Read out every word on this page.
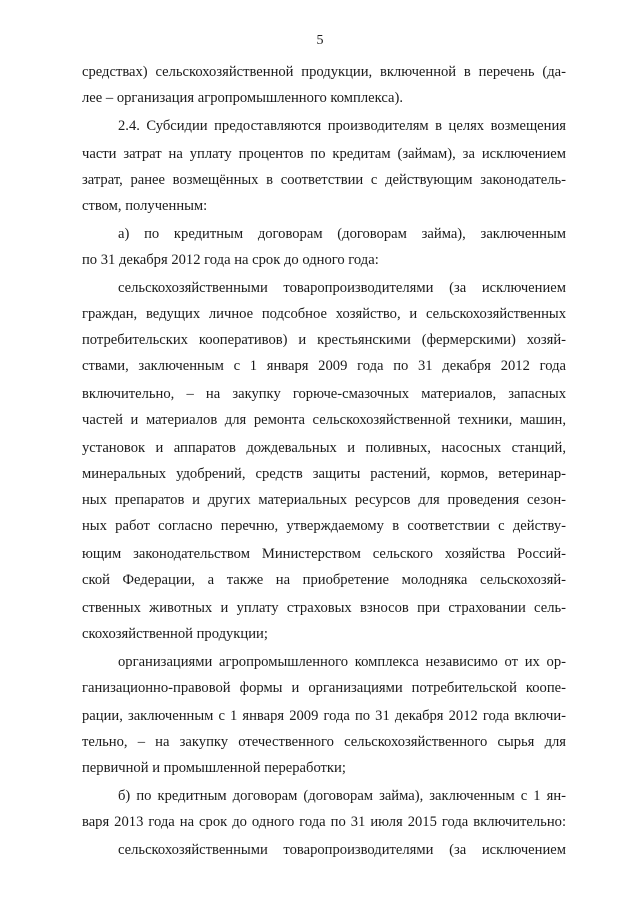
5
средствах) сельскохозяйственной продукции, включенной в перечень (да-
лее – организация агропромышленного комплекса).
2.4. Субсидии предоставляются производителям в целях возмещения
части затрат на уплату процентов по кредитам (займам), за исключением
затрат, ранее возмещённых в соответствии с действующим законодатель-
ством, полученным:
а) по кредитным договорам (договорам займа), заключенным
по 31 декабря 2012 года на срок до одного года:
сельскохозяйственными товаропроизводителями (за исключением
граждан, ведущих личное подсобное хозяйство, и сельскохозяйственных
потребительских кооперативов) и крестьянскими (фермерскими) хозяй-
ствами, заключенным с 1 января 2009 года по 31 декабря 2012 года
включительно, – на закупку горюче-смазочных материалов, запасных
частей и материалов для ремонта сельскохозяйственной техники, машин,
установок и аппаратов дождевальных и поливных, насосных станций,
минеральных удобрений, средств защиты растений, кормов, ветеринар-
ных препаратов и других материальных ресурсов для проведения сезон-
ных работ согласно перечню, утверждаемому в соответствии с действу-
ющим законодательством Министерством сельского хозяйства Россий-
ской Федерации, а также на приобретение молодняка сельскохозяй-
ственных животных и уплату страховых взносов при страховании сель-
скохозяйственной продукции;
организациями агропромышленного комплекса независимо от их ор-
ганизационно-правовой формы и организациями потребительской коопе-
рации, заключенным с 1 января 2009 года по 31 декабря 2012 года включи-
тельно, – на закупку отечественного сельскохозяйственного сырья для
первичной и промышленной переработки;
б) по кредитным договорам (договорам займа), заключенным с 1 ян-
варя 2013 года на срок до одного года по 31 июля 2015 года включительно:
сельскохозяйственными товаропроизводителями (за исключением
